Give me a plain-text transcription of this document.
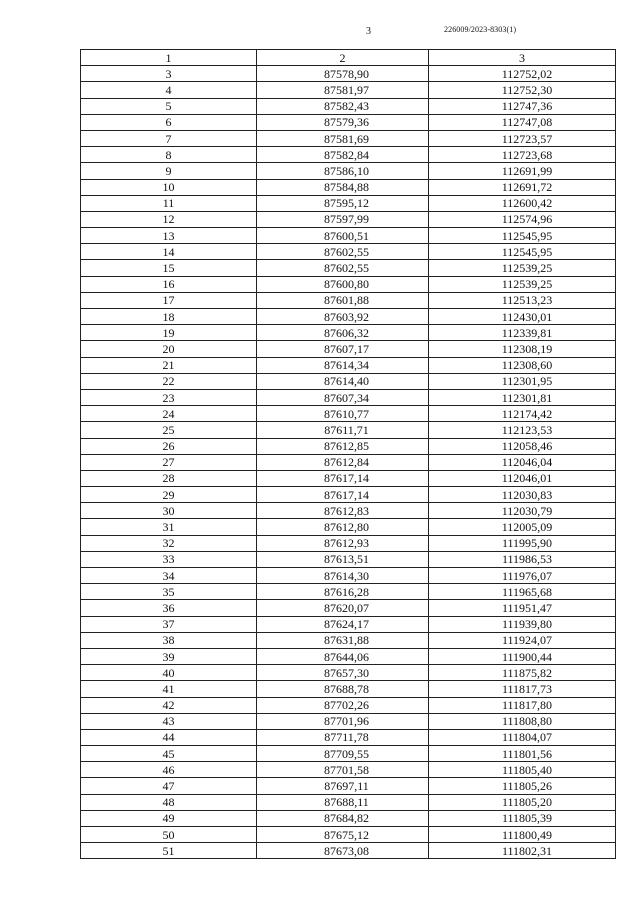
3	226009/2023-8303(1)
1	2	3
3	87578,90	112752,02
4	87581,97	112752,30
5	87582,43	112747,36
6	87579,36	112747,08
7	87581,69	112723,57
8	87582,84	112723,68
9	87586,10	112691,99
10	87584,88	112691,72
11	87595,12	112600,42
12	87597,99	112574,96
13	87600,51	112545,95
14	87602,55	112545,95
15	87602,55	112539,25
16	87600,80	112539,25
17	87601,88	112513,23
18	87603,92	112430,01
19	87606,32	112339,81
20	87607,17	112308,19
21	87614,34	112308,60
22	87614,40	112301,95
23	87607,34	112301,81
24	87610,77	112174,42
25	87611,71	112123,53
26	87612,85	112058,46
27	87612,84	112046,04
28	87617,14	112046,01
29	87617,14	112030,83
30	87612,83	112030,79
31	87612,80	112005,09
32	87612,93	111995,90
33	87613,51	111986,53
34	87614,30	111976,07
35	87616,28	111965,68
36	87620,07	111951,47
37	87624,17	111939,80
38	87631,88	111924,07
39	87644,06	111900,44
40	87657,30	111875,82
41	87688,78	111817,73
42	87702,26	111817,80
43	87701,96	111808,80
44	87711,78	111804,07
45	87709,55	111801,56
46	87701,58	111805,40
47	87697,11	111805,26
48	87688,11	111805,20
49	87684,82	111805,39
50	87675,12	111800,49
51	87673,08	111802,31
